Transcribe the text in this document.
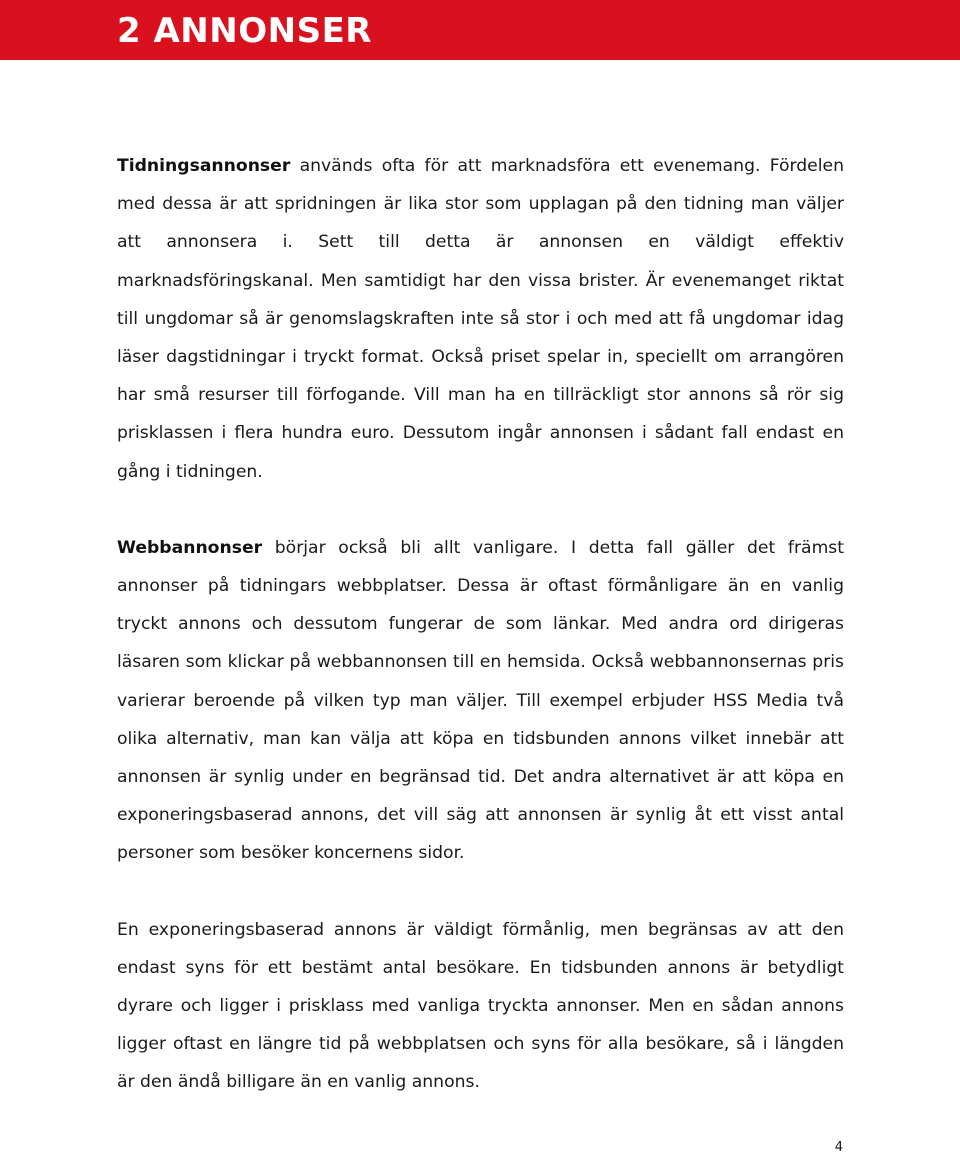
2 ANNONSER

Tidningsannonser används ofta för att marknadsföra ett evenemang. Fördelen med dessa är att spridningen är lika stor som upplagan på den tidning man väljer att annonsera i. Sett till detta är annonsen en väldigt effektiv marknadsföringskanal. Men samtidigt har den vissa brister. Är evenemanget riktat till ungdomar så är genomslagskraften inte så stor i och med att få ungdomar idag läser dagstidningar i tryckt format. Också priset spelar in, speciellt om arrangören har små resurser till förfogande. Vill man ha en tillräckligt stor annons så rör sig prisklassen i flera hundra euro. Dessutom ingår annonsen i sådant fall endast en gång i tidningen.

Webbannonser börjar också bli allt vanligare. I detta fall gäller det främst annonser på tidningars webbplatser. Dessa är oftast förmånligare än en vanlig tryckt annons och dessutom fungerar de som länkar. Med andra ord dirigeras läsaren som klickar på webbannonsen till en hemsida. Också webbannonsernas pris varierar beroende på vilken typ man väljer. Till exempel erbjuder HSS Media två olika alternativ, man kan välja att köpa en tidsbunden annons vilket innebär att annonsen är synlig under en begränsad tid. Det andra alternativet är att köpa en exponeringsbaserad annons, det vill säg att annonsen är synlig åt ett visst antal personer som besöker koncernens sidor.

En exponeringsbaserad annons är väldigt förmånlig, men begränsas av att den endast syns för ett bestämt antal besökare. En tidsbunden annons är betydligt dyrare och ligger i prisklass med vanliga tryckta annonser. Men en sådan annons ligger oftast en längre tid på webbplatsen och syns för alla besökare, så i längden är den ändå billigare än en vanlig annons.

4
